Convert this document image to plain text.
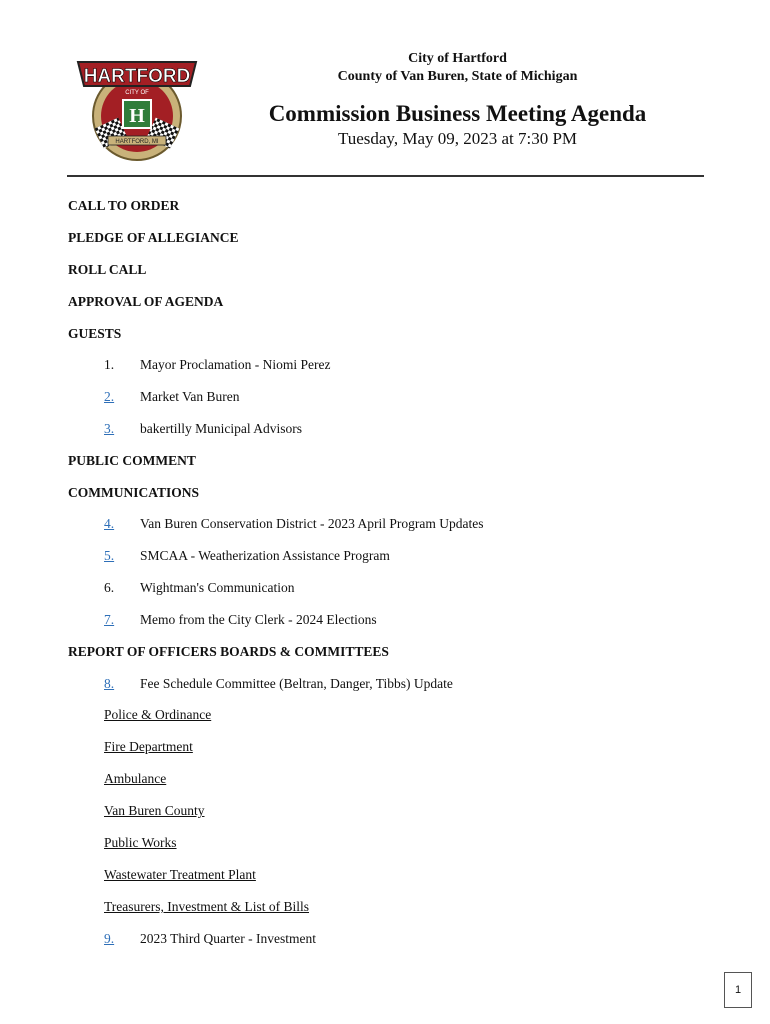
H
CITY OF
HARTFORD
HARTFORD, MI
City of Hartford
County of Van Buren, State of Michigan
Commission Business Meeting Agenda
Tuesday, May 09, 2023 at 7:30 PM
CALL TO ORDER
PLEDGE OF ALLEGIANCE
ROLL CALL
APPROVAL OF AGENDA
GUESTS
1. Mayor Proclamation - Niomi Perez
2. Market Van Buren
3. bakertilly Municipal Advisors
PUBLIC COMMENT
COMMUNICATIONS
4. Van Buren Conservation District - 2023 April Program Updates
5. SMCAA - Weatherization Assistance Program
6. Wightman's Communication
7. Memo from the City Clerk - 2024 Elections
REPORT OF OFFICERS BOARDS & COMMITTEES
8. Fee Schedule Committee (Beltran, Danger, Tibbs) Update
Police & Ordinance
Fire Department
Ambulance
Van Buren County
Public Works
Wastewater Treatment Plant
Treasurers, Investment & List of Bills
9. 2023 Third Quarter - Investment
1
